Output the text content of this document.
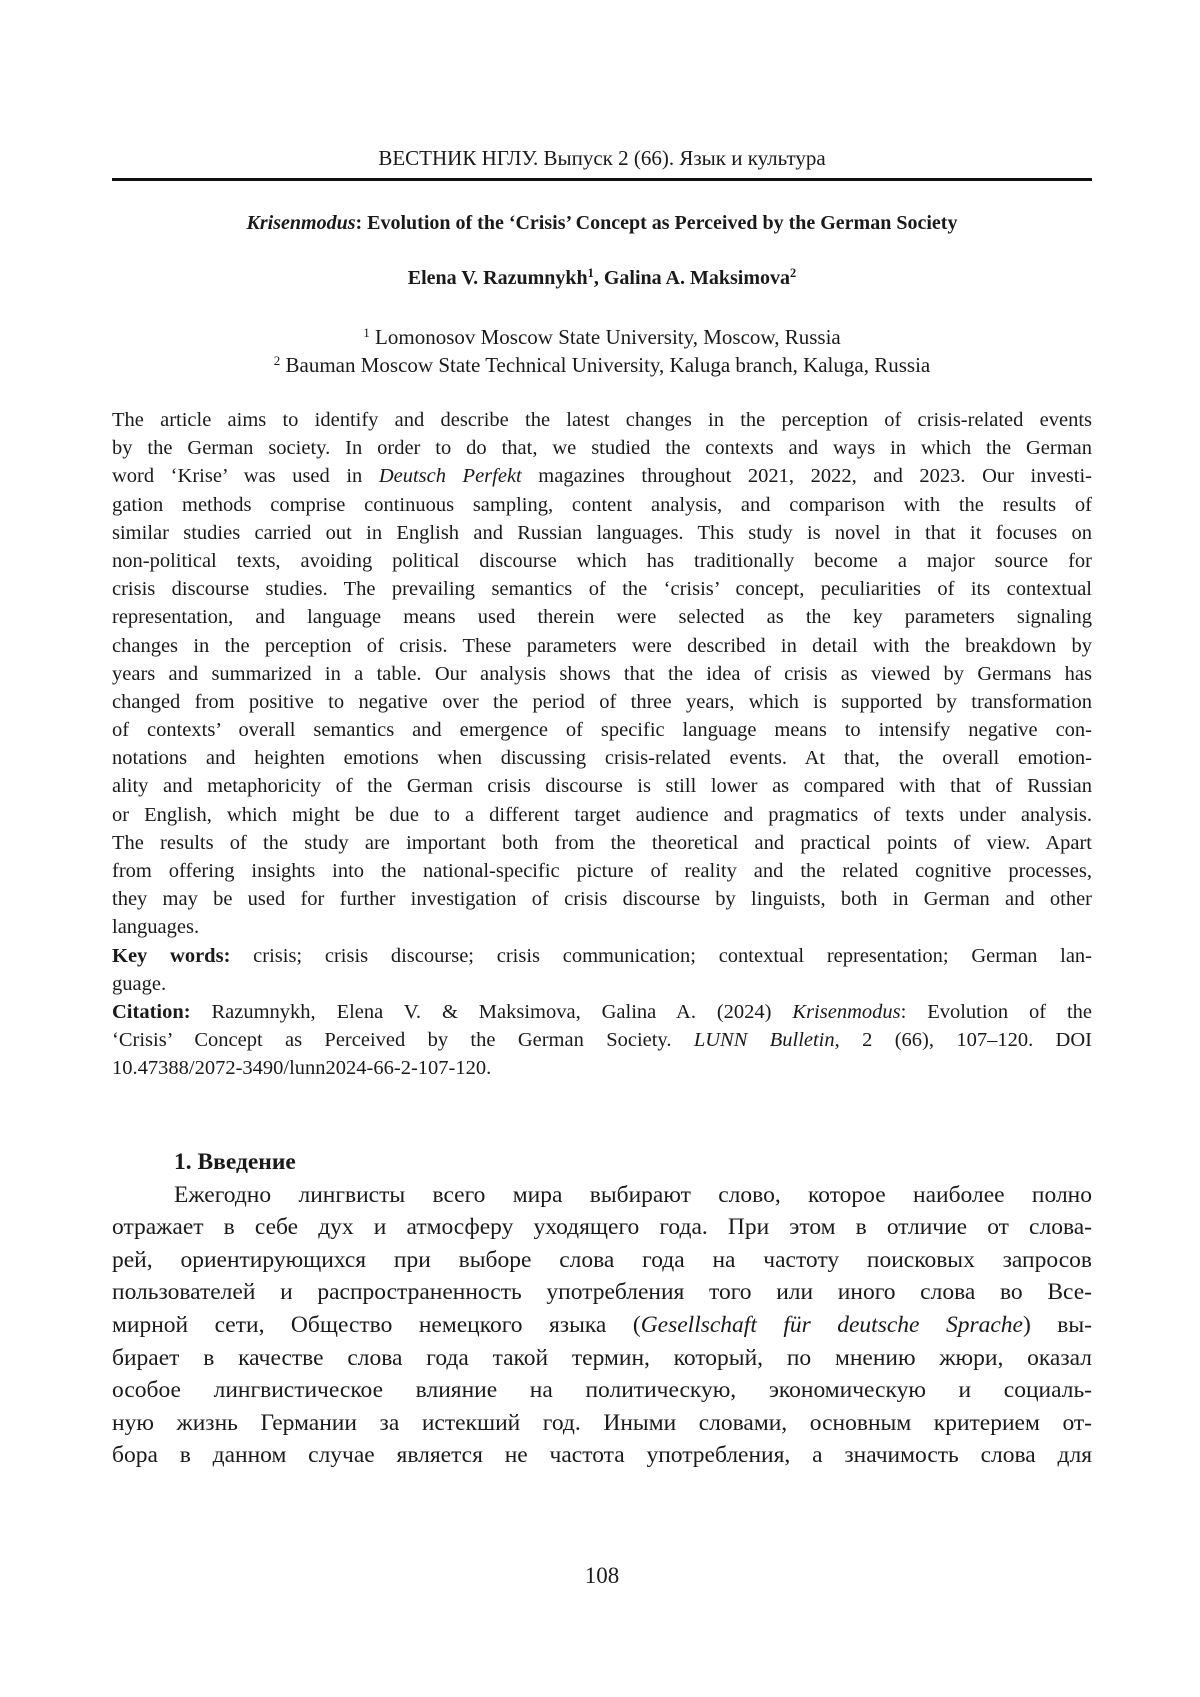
ВЕСТНИК НГЛУ. Выпуск 2 (66). Язык и культура
Krisenmodus: Evolution of the ‘Crisis’ Concept as Perceived by the German Society
Elena V. Razumnykh1, Galina A. Maksimova2
1 Lomonosov Moscow State University, Moscow, Russia
2 Bauman Moscow State Technical University, Kaluga branch, Kaluga, Russia
The article aims to identify and describe the latest changes in the perception of crisis-related events
by the German society. In order to do that, we studied the contexts and ways in which the German
word ‘Krise’ was used in Deutsch Perfekt magazines throughout 2021, 2022, and 2023. Our investi-
gation methods comprise continuous sampling, content analysis, and comparison with the results of
similar studies carried out in English and Russian languages. This study is novel in that it focuses on
non-political texts, avoiding political discourse which has traditionally become a major source for
crisis discourse studies. The prevailing semantics of the ‘crisis’ concept, peculiarities of its contextual
representation, and language means used therein were selected as the key parameters signaling
changes in the perception of crisis. These parameters were described in detail with the breakdown by
years and summarized in a table. Our analysis shows that the idea of crisis as viewed by Germans has
changed from positive to negative over the period of three years, which is supported by transformation
of contexts’ overall semantics and emergence of specific language means to intensify negative con-
notations and heighten emotions when discussing crisis-related events. At that, the overall emotion-
ality and metaphoricity of the German crisis discourse is still lower as compared with that of Russian
or English, which might be due to a different target audience and pragmatics of texts under analysis.
The results of the study are important both from the theoretical and practical points of view. Apart
from offering insights into the national-specific picture of reality and the related cognitive processes,
they may be used for further investigation of crisis discourse by linguists, both in German and other
languages.
Key words: crisis; crisis discourse; crisis communication; contextual representation; German lan-
guage.
Citation: Razumnykh, Elena V. & Maksimova, Galina A. (2024) Krisenmodus: Evolution of the
‘Crisis’ Concept as Perceived by the German Society. LUNN Bulletin, 2 (66), 107–120. DOI
10.47388/2072-3490/lunn2024-66-2-107-120.
1. Введение
Ежегодно лингвисты всего мира выбирают слово, которое наиболее полно
отражает в себе дух и атмосферу уходящего года. При этом в отличие от слова-
рей, ориентирующихся при выборе слова года на частоту поисковых запросов
пользователей и распространенность употребления того или иного слова во Все-
мирной сети, Общество немецкого языка (Gesellschaft für deutsche Sprache) вы-
бирает в качестве слова года такой термин, который, по мнению жюри, оказал
особое лингвистическое влияние на политическую, экономическую и социаль-
ную жизнь Германии за истекший год. Иными словами, основным критерием от-
бора в данном случае является не частота употребления, а значимость слова для
108
